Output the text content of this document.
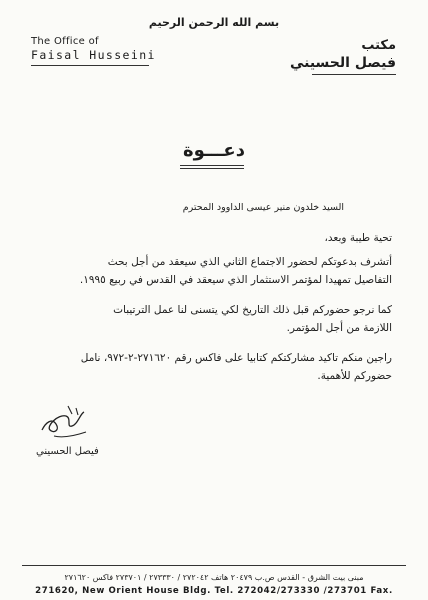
بسم الله الرحمن الرحيم
The Office of
Faisal Husseini
مكتب
فيصل الحسيني
دعـــوة
السيد خلدون منير عيسى الداوود المحترم
تحية طيبة وبعد،
أتشرف بدعوتكم لحضور الاجتماع الثاني الذي سيعقد من أجل بحث
التفاصيل تمهيدا لمؤتمر الاستثمار الذي سيعقد في القدس في ربيع ١٩٩٥.
كما نرجو حضوركم قبل ذلك التاريخ لكي يتسنى لنا عمل الترتيبات
اللازمة من أجل المؤتمر.
راجين منكم تاكيد مشاركتكم كتابيا على فاكس رقم ٢٧١٦٢٠-٢-٩٧٢، نامل
حضوركم للأهمية.
فيصل الحسيني
مبنى بيت الشرق - القدس ص.ب ٢٠٤٧٩ هاتف ٢٧٢٠٤٢ / ٢٧٣٣٣٠ / ٢٧٣٧٠١ فاكس ٢٧١٦٢٠
271620, New Orient House Bldg. Tel. 272042/273330 /273701 Fax.
